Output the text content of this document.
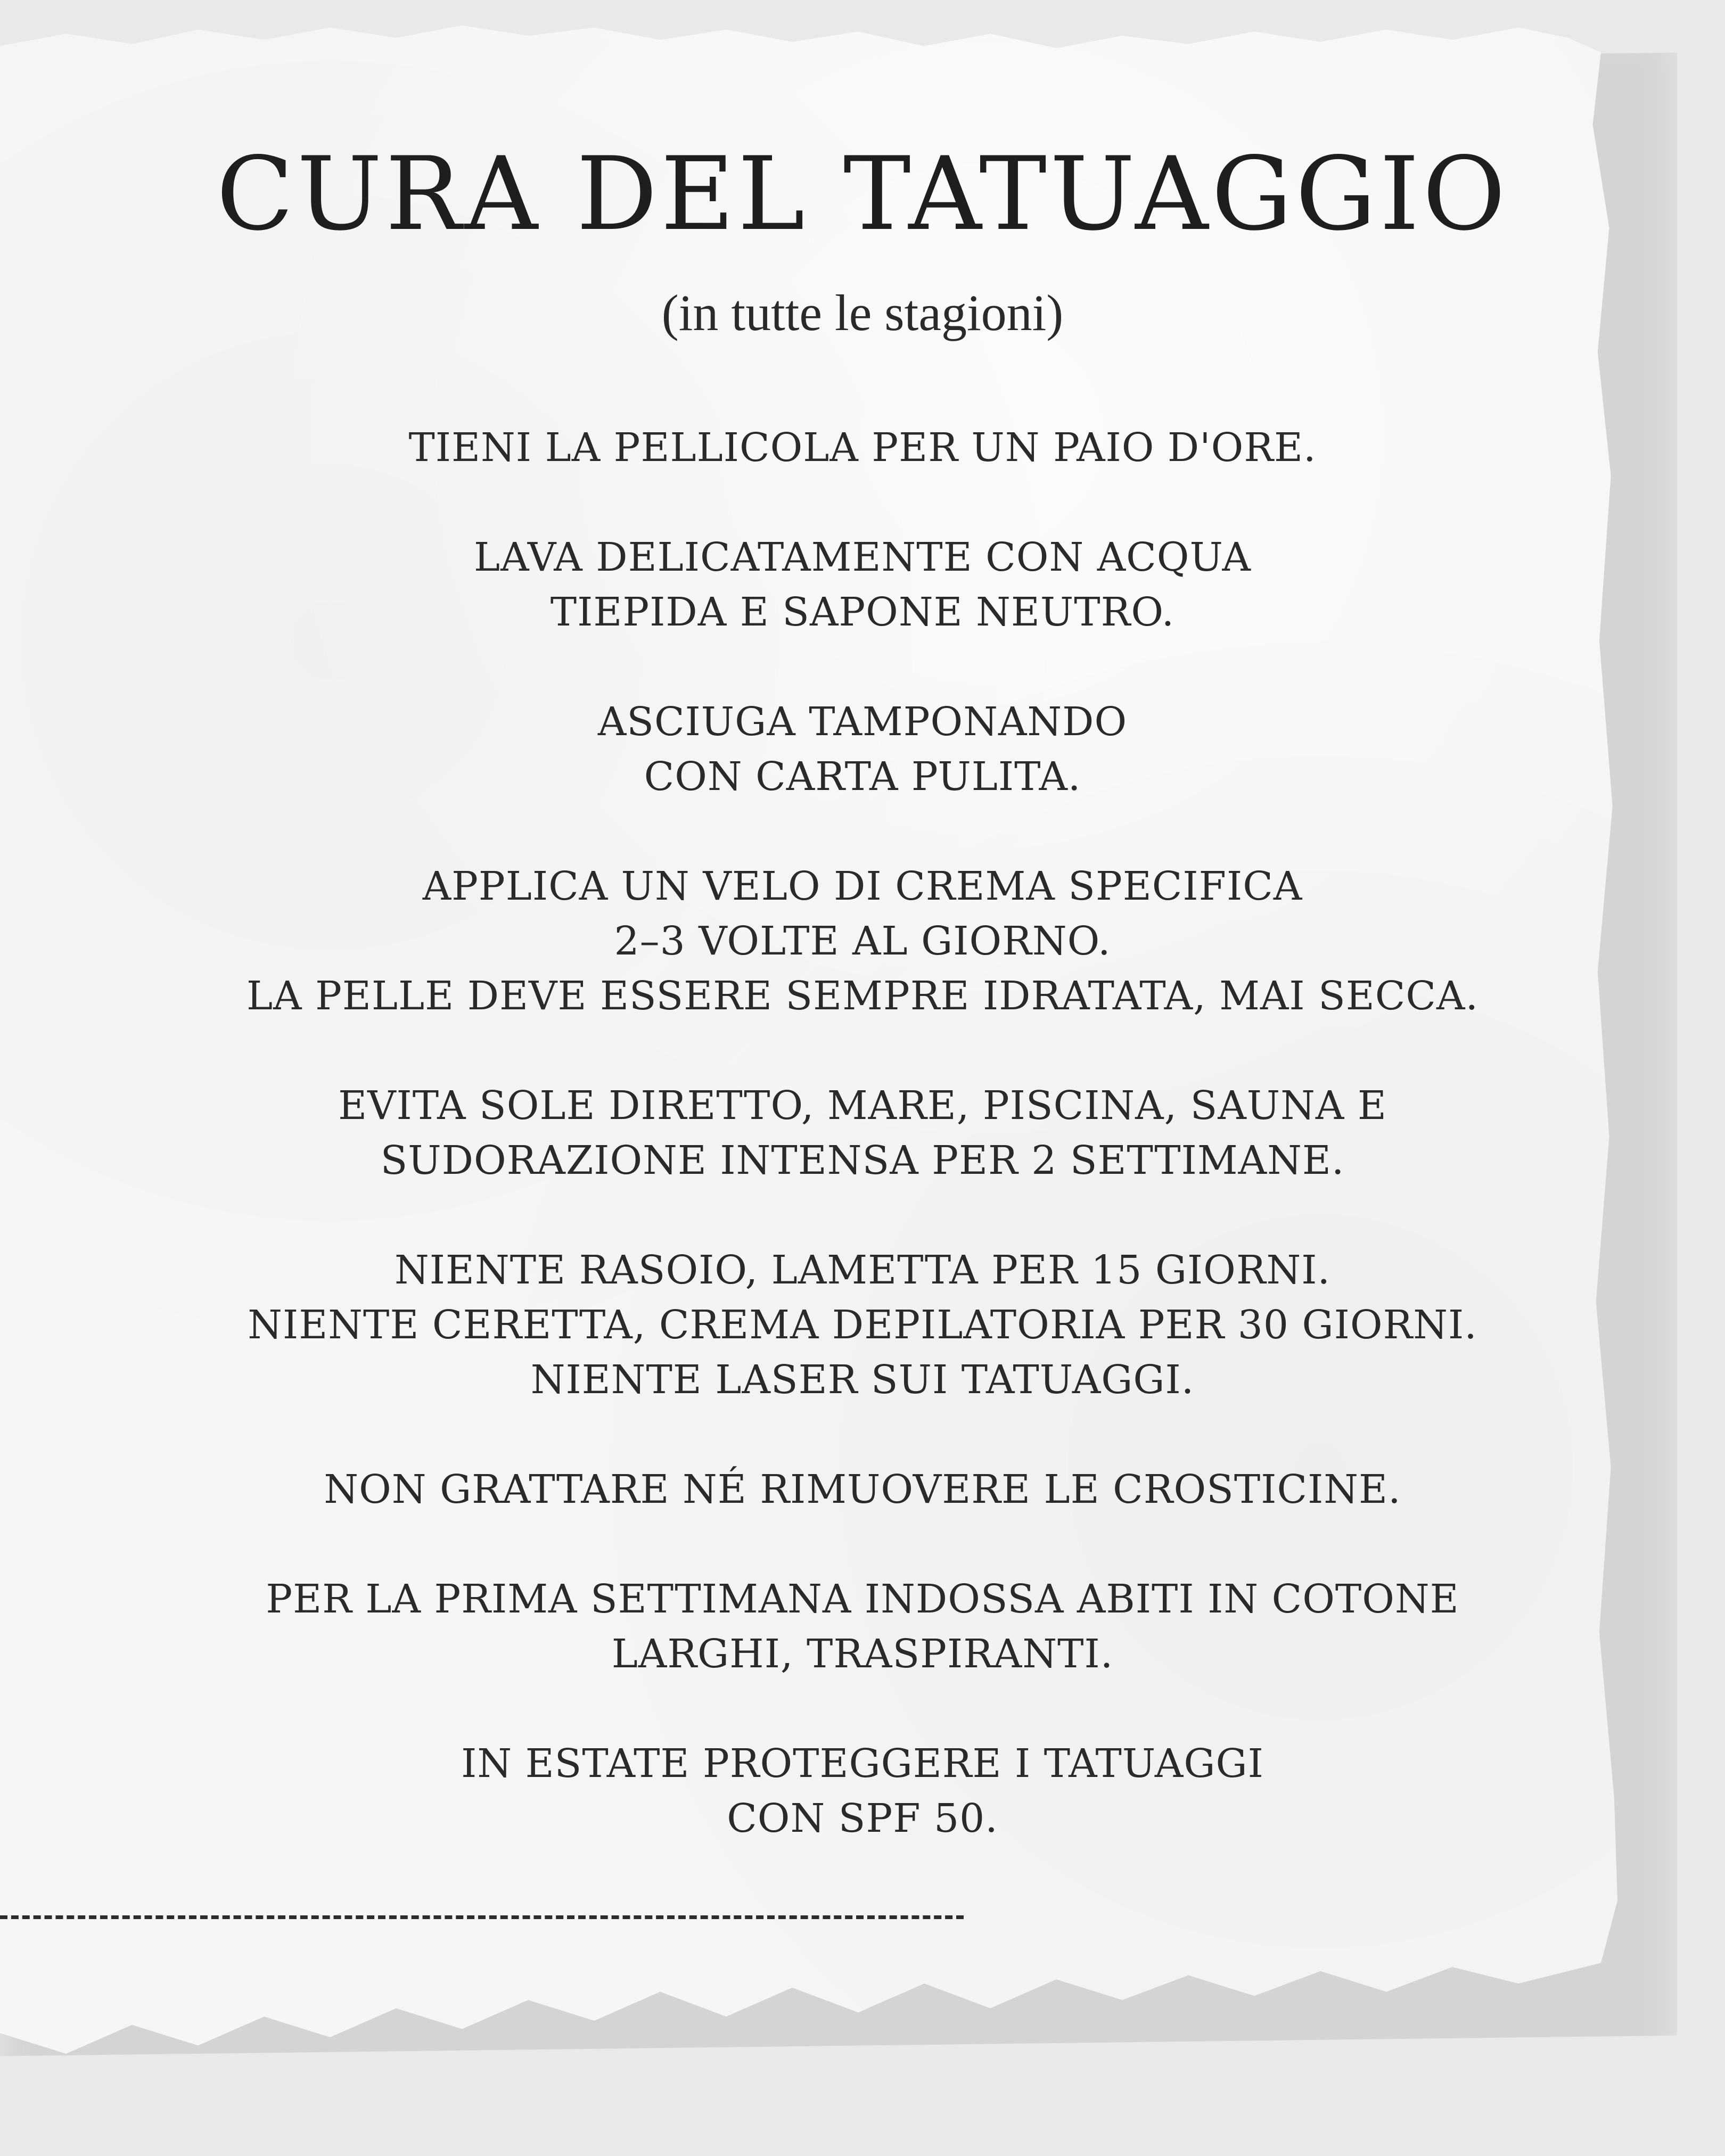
CURA DEL TATUAGGIO
(in tutte le stagioni)
TIENI LA PELLICOLA PER UN PAIO D'ORE.
LAVA DELICATAMENTE CON ACQUA
TIEPIDA E SAPONE NEUTRO.
ASCIUGA TAMPONANDO
CON CARTA PULITA.
APPLICA UN VELO DI CREMA SPECIFICA
2–3 VOLTE AL GIORNO.
LA PELLE DEVE ESSERE SEMPRE IDRATATA, MAI SECCA.
EVITA SOLE DIRETTO, MARE, PISCINA, SAUNA E
SUDORAZIONE INTENSA PER 2 SETTIMANE.
NIENTE RASOIO, LAMETTA PER 15 GIORNI.
NIENTE CERETTA, CREMA DEPILATORIA PER 30 GIORNI.
NIENTE LASER SUI TATUAGGI.
NON GRATTARE NÉ RIMUOVERE LE CROSTICINE.
PER LA PRIMA SETTIMANA INDOSSA ABITI IN COTONE
LARGHI, TRASPIRANTI.
IN ESTATE PROTEGGERE I TATUAGGI
CON SPF 50.
